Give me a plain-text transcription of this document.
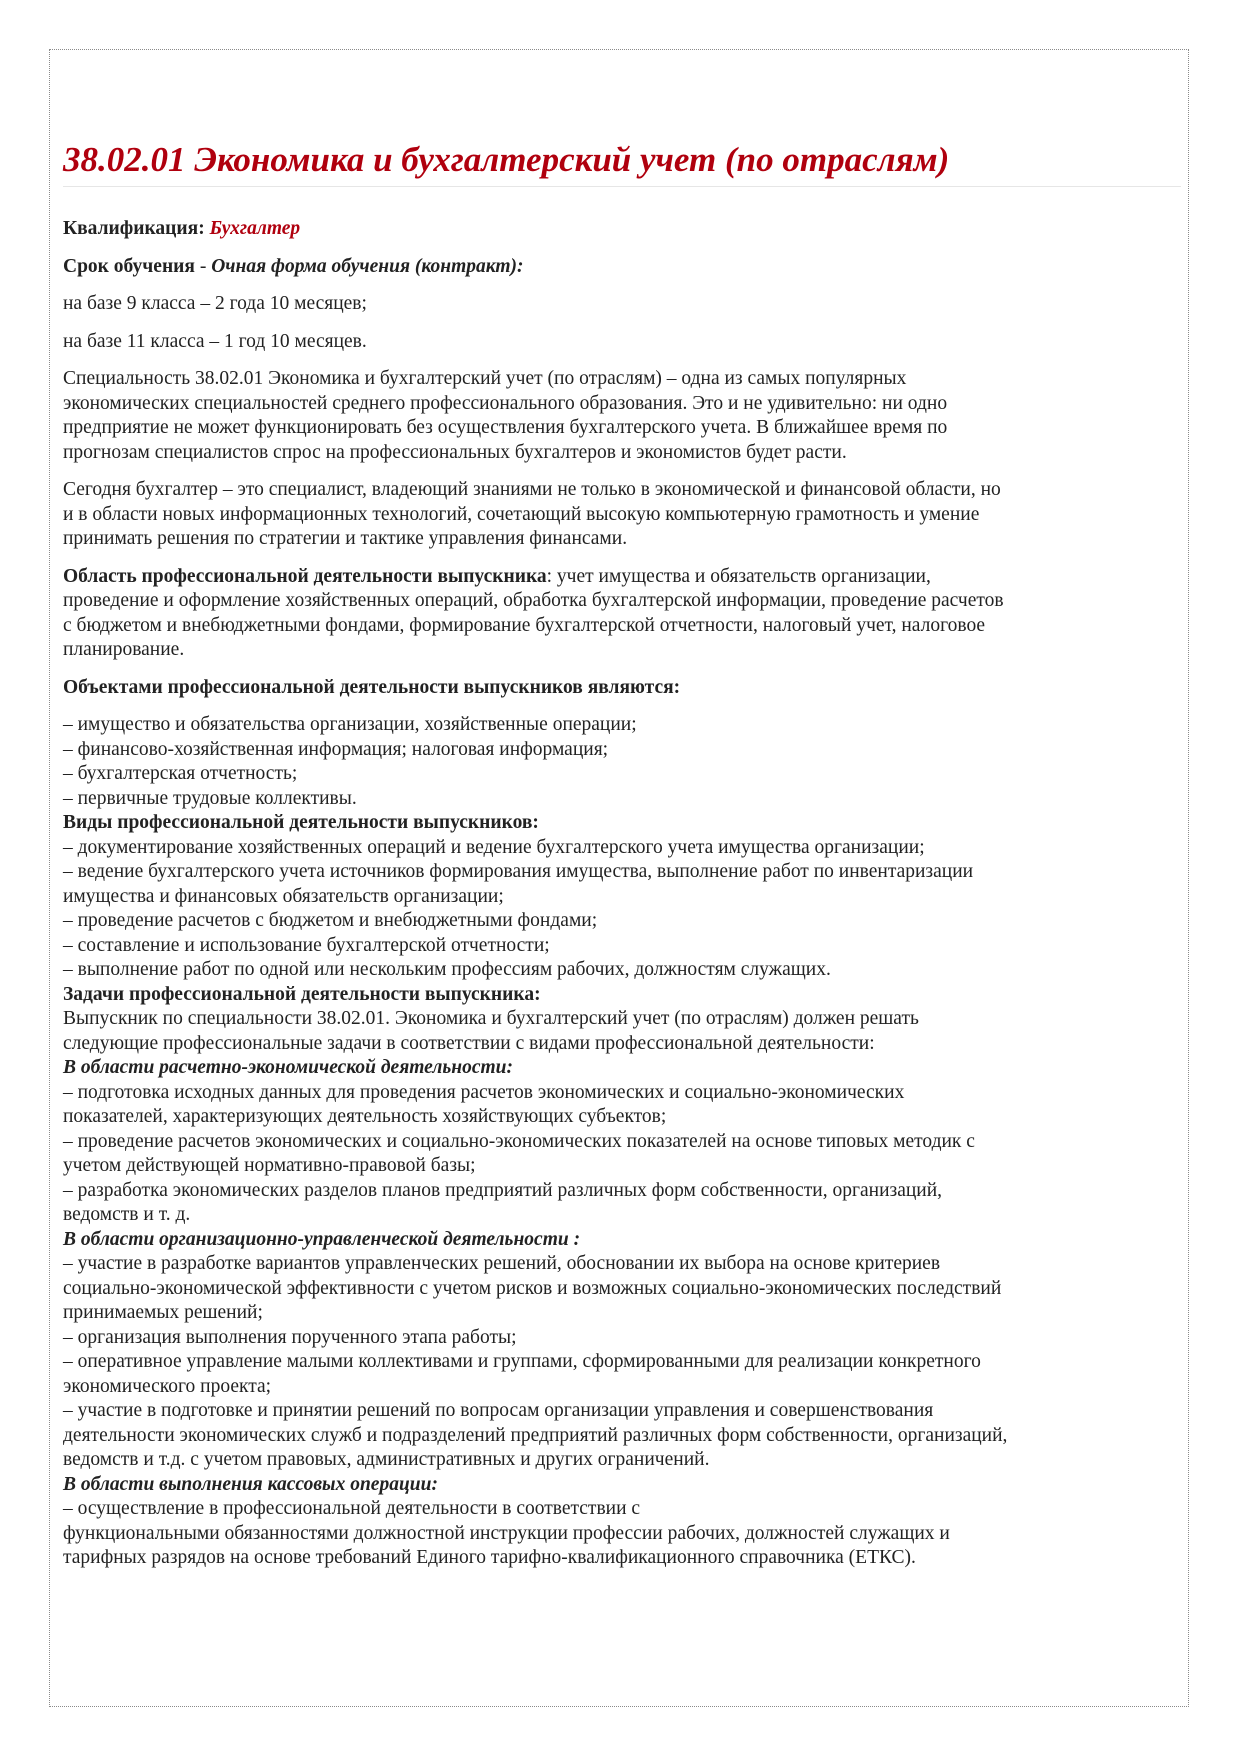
38.02.01 Экономика и бухгалтерский учет (по отраслям)

Квалификация: Бухгалтер

Срок обучения - Очная форма обучения (контракт):

на базе 9 класса – 2 года 10 месяцев;

на базе 11 класса – 1 год 10 месяцев.

Специальность 38.02.01 Экономика и бухгалтерский учет (по отраслям) – одна из самых популярных
экономических специальностей среднего профессионального образования. Это и не удивительно: ни одно
предприятие не может функционировать без осуществления бухгалтерского учета. В ближайшее время по
прогнозам специалистов спрос на профессиональных бухгалтеров и экономистов будет расти.

Сегодня бухгалтер – это специалист, владеющий знаниями не только в экономической и финансовой области, но
и в области новых информационных технологий, сочетающий высокую компьютерную грамотность и умение
принимать решения по стратегии и тактике управления финансами.

Область профессиональной деятельности выпускника: учет имущества и обязательств организации,
проведение и оформление хозяйственных операций, обработка бухгалтерской информации, проведение расчетов
с бюджетом и внебюджетными фондами, формирование бухгалтерской отчетности, налоговый учет, налоговое
планирование.

Объектами профессиональной деятельности выпускников являются:

– имущество и обязательства организации, хозяйственные операции;
– финансово-хозяйственная информация; налоговая информация;
– бухгалтерская отчетность;
– первичные трудовые коллективы.
Виды профессиональной деятельности выпускников:
– документирование хозяйственных операций и ведение бухгалтерского учета имущества организации;
– ведение бухгалтерского учета источников формирования имущества, выполнение работ по инвентаризации
имущества и финансовых обязательств организации;
– проведение расчетов с бюджетом и внебюджетными фондами;
– составление и использование бухгалтерской отчетности;
– выполнение работ по одной или нескольким профессиям рабочих, должностям служащих.
Задачи профессиональной деятельности выпускника:
Выпускник по специальности 38.02.01. Экономика и бухгалтерский учет (по отраслям) должен решать
следующие профессиональные задачи в соответствии с видами профессиональной деятельности:
В области расчетно-экономической деятельности:
– подготовка исходных данных для проведения расчетов экономических и социально-экономических
показателей, характеризующих деятельность хозяйствующих субъектов;
– проведение расчетов экономических и социально-экономических показателей на основе типовых методик с
учетом действующей нормативно-правовой базы;
– разработка экономических разделов планов предприятий различных форм собственности, организаций,
ведомств и т. д.
В области организационно-управленческой деятельности :
– участие в разработке вариантов управленческих решений, обосновании их выбора на основе критериев
социально-экономической эффективности с учетом рисков и возможных социально-экономических последствий
принимаемых решений;
– организация выполнения порученного этапа работы;
– оперативное управление малыми коллективами и группами, сформированными для реализации конкретного
экономического проекта;
– участие в подготовке и принятии решений по вопросам организации управления и совершенствования
деятельности экономических служб и подразделений предприятий различных форм собственности, организаций,
ведомств и т.д. с учетом правовых, административных и других ограничений.
В области выполнения кассовых операции:
– осуществление в профессиональной деятельности в соответствии с
функциональными обязанностями должностной инструкции профессии рабочих, должностей служащих и
тарифных разрядов на основе требований Единого тарифно-квалификационного справочника (ЕТКС).
